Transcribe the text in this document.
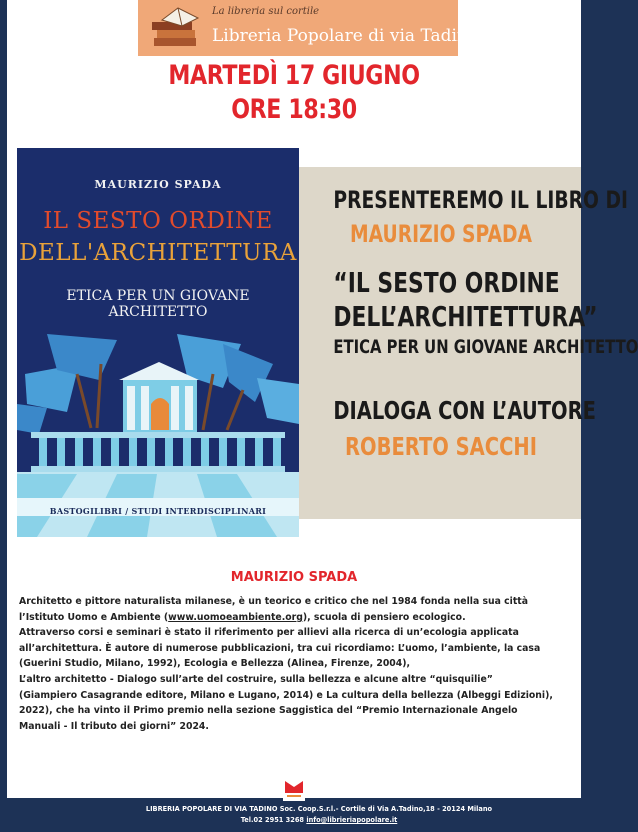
La libreria sul cortile
Libreria Popolare di via Tadino
MARTEDÌ 17 GIUGNO
ORE 18:30
MAURIZIO SPADA
IL SESTO ORDINE
DELL'ARCHITETTURA
ETICA PER UN GIOVANE ARCHITETTO
BASTOGILIBRI / STUDI INTERDISCIPLINARI
PRESENTEREMO IL LIBRO DI
MAURIZIO SPADA
“IL SESTO ORDINE
DELL’ARCHITETTURA”
ETICA PER UN GIOVANE ARCHITETTO
DIALOGA CON L’AUTORE
ROBERTO SACCHI
MAURIZIO SPADA

Architetto e pittore naturalista milanese, è un teorico e critico che nel 1984 fonda nella sua città

l’Istituto Uomo e Ambiente (www.uomoeambiente.org), scuola di pensiero ecologico.

Attraverso corsi e seminari è stato il riferimento per allievi alla ricerca di un’ecologia applicata

all’architettura. È autore di numerose pubblicazioni, tra cui ricordiamo: L’uomo, l’ambiente, la casa

(Guerini Studio, Milano, 1992), Ecologia e Bellezza (Alinea, Firenze, 2004),

L’altro architetto - Dialogo sull’arte del costruire, sulla bellezza e alcune altre “quisquilie”

(Giampiero Casagrande editore, Milano e Lugano, 2014) e La cultura della bellezza (Albeggi Edizioni),

2022), che ha vinto il Primo premio nella sezione Saggistica del “Premio Internazionale Angelo

Manuali - Il tributo dei giorni” 2024.

LIBRERIA POPOLARE DI VIA TADINO Soc. Coop.S.r.l.- Cortile di Via A.Tadino,18 - 20124 Milano
Tel.02 2951 3268 info@librieriapopolare.it
